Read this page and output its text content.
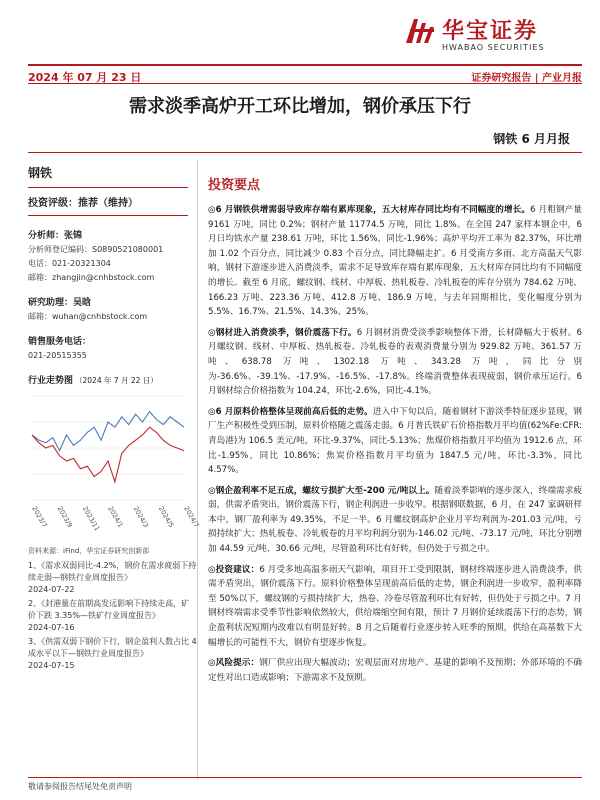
华宝证券
HWABAO SECURITIES
2024 年 07 月 23 日	证券研究报告 | 产业月报
需求淡季高炉开工环比增加，钢价承压下行
钢铁 6 月月报
钢铁
投资评级：推荐（维持）
分析师：张锦
分析师登记编码：S0890521080001
电话：021-20321304
邮箱：zhangjin@cnhbstock.com
研究助理：吴晗
邮箱：wuhan@cnhbstock.com
销售服务电话：
021-20515355
行业走势图 （2024 年 7 月 22 日）
2023/7 2023/9 2023/11 2024/1 2024/3 2024/5 2024/7
资料来源：iFind，华宝证券研究创新部
1、《需求双弱同比-4.2%，钢价在需求疲弱下持续走弱—钢铁行业周度报告》
2024-07-22
2、《封港量在前期高发远影响下持续走高，矿价下跌 3.35%—铁矿行业周度报告》
2024-07-16
3、《供需双弱下钢价下行，钢企盈利人数占比 4 成水平以下—钢铁行业周度报告》
2024-07-15
投资要点
◎6 月钢铁供增需弱导致库存端有累库现象，五大材库存同比均有不同幅度的增长。6 月粗钢产量 9161 万吨，同比 0.2%；钢材产量 11774.5 万吨，同比 1.8%。在全国 247 家样本钢企中，6 月日均铁水产量 238.61 万吨，环比 1.56%，同比-1.96%；高炉平均开工率为 82.37%，环比增加 1.02 个百分点，同比减少 0.83 个百分点，同比降幅走扩。6 月受南方多雨、北方高温天气影响，钢材下游逐步进入消费淡季，需求不足导致库存端有累库现象，五大材库存同比均有不同幅度的增长。截至 6 月底，螺纹钢、线材、中厚板、热轧板卷、冷轧板卷的库存分别为 784.62 万吨、166.23 万吨、223.36 万吨、412.8 万吨、186.9 万吨，与去年同期相比，变化幅度分别为 5.5%、16.7%、21.5%、14.3%、25%。
◎钢材进入消费淡季，钢价震荡下行。6 月钢材消费受淡季影响整体下滑，长材降幅大于板材。6 月螺纹钢、线材、中厚板、热轧板卷、冷轧板卷的表观消费量分别为 929.82 万吨、361.57 万吨、638.78 万吨、1302.18 万吨、343.28 万吨，同比分别为-36.6%、-39.1%、-17.9%、-16.5%、-17.8%。终端消费整体表现疲弱，钢价承压运行。6 月钢材综合价格指数为 104.24，环比-2.6%，同比-4.1%。
◎6 月原料价格整体呈现前高后低的走势。进入中下旬以后，随着钢材下游淡季特征逐步显现，钢厂生产积极性受到压制，原料价格随之震荡走弱。6 月普氏铁矿石价格指数月平均值(62%Fe:CFR:青岛港)为 106.5 美元/吨，环比-9.37%，同比-5.13%；焦煤价格指数月平均值为 1912.6 点，环比-1.95%，同比 10.86%；焦炭价格指数月平均值为 1847.5 元/吨，环比-3.3%，同比 4.57%。
◎钢企盈利率不足五成，螺纹亏损扩大至-200 元/吨以上。随着淡季影响的逐步深入，终端需求疲弱，供需矛盾突出，钢价震荡下行，钢企利润进一步收窄。根据钢联数据，6 月，在 247 家调研样本中，钢厂盈利率为 49.35%，不足一半。6 月螺纹钢高炉企业月平均利润为-201.03 元/吨，亏损持续扩大；热轧板卷、冷轧板卷的月平均利润分别为-146.02 元/吨、-73.17 元/吨，环比分别增加 44.59 元/吨、30.66 元/吨，尽管盈利环比有好转，但仍处于亏损之中。
◎投资建议：6 月受多地高温多雨天气影响，项目开工受到限制，钢材终端逐步进入消费淡季，供需矛盾突出，钢价震荡下行。原料价格整体呈现前高后低的走势，钢企利润进一步收窄，盈利率降至 50%以下，螺纹钢的亏损持续扩大，热卷、冷卷尽管盈利环比有好转，但仍处于亏损之中。7 月钢材终端需求受季节性影响依然较大，供给端缩空间有限，预计 7 月钢价延续震荡下行的态势，钢企盈利状况短期内改难以有明显好转。8 月之后随着行业逐步转入旺季的预期，供给在高基数下大幅增长的可能性不大，钢价有望逐步恢复。
◎风险提示：钢厂供应出现大幅波动；宏观层面对房地产、基建的影响不及预期；外部环境的不确定性对出口造成影响；下游需求不及预期。
敬请参阅报告结尾处免责声明
